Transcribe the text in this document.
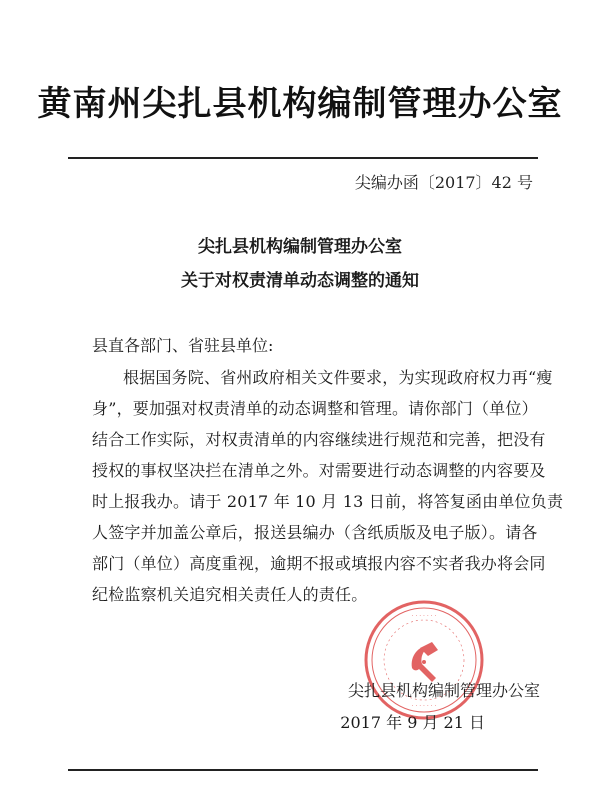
黄南州尖扎县机构编制管理办公室
尖编办函〔2017〕42 号
尖扎县机构编制管理办公室
关于对权责清单动态调整的通知
县直各部门、省驻县单位:
根据国务院、省州政府相关文件要求，为实现政府权力再“瘦
身”，要加强对权责清单的动态调整和管理。请你部门（单位）
结合工作实际，对权责清单的内容继续进行规范和完善，把没有
授权的事权坚决拦在清单之外。对需要进行动态调整的内容要及
时上报我办。请于 2017 年 10 月 13 日前，将答复函由单位负责
人签字并加盖公章后，报送县编办（含纸质版及电子版）。请各
部门（单位）高度重视，逾期不报或填报内容不实者我办将会同
纪检监察机关追究相关责任人的责任。
· · · · · · ·
· · · · · · ·
尖扎县机构编制管理办公室
2017 年 9 月 21 日
